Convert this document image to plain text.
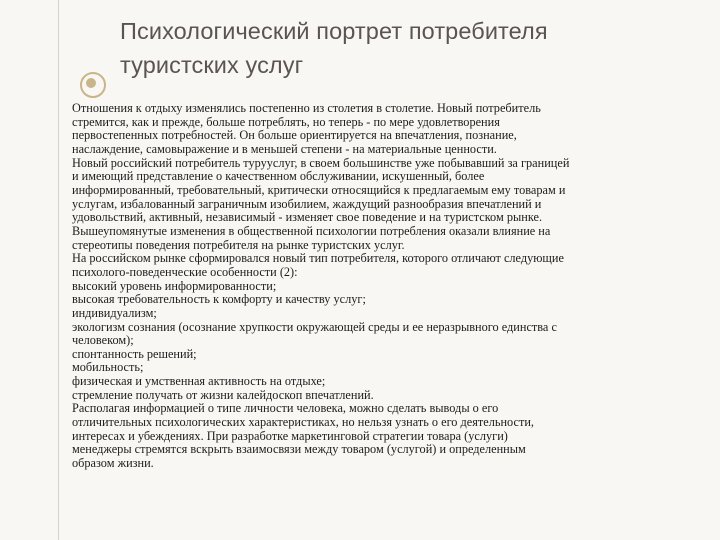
Психологический портрет потребителя
туристских услуг
Отношения к отдыху изменялись постепенно из столетия в столетие. Новый потребитель
стремится, как и прежде, больше потреблять, но теперь - по мере удовлетворения
первостепенных потребностей. Он больше ориентируется на впечатления, познание,
наслаждение, самовыражение и в меньшей степени - на материальные ценности.
Новый российский потребитель турууслуг, в своем большинстве уже побывавший за границей
и имеющий представление о качественном обслуживании, искушенный, более
информированный, требовательный, критически относящийся к предлагаемым ему товарам и
услугам, избалованный заграничным изобилием, жаждущий разнообразия впечатлений и
удовольствий, активный, независимый - изменяет свое поведение и на туристском рынке.
Вышеупомянутые изменения в общественной психологии потребления оказали влияние на
стереотипы поведения потребителя на рынке туристских услуг.
На российском рынке сформировался новый тип потребителя, которого отличают следующие
психолого-поведенческие особенности (2):
высокий уровень информированности;
высокая требовательность к комфорту и качеству услуг;
индивидуализм;
экологизм сознания (осознание хрупкости окружающей среды и ее неразрывного единства с
человеком);
спонтанность решений;
мобильность;
физическая и умственная активность на отдыхе;
стремление получать от жизни калейдоскоп впечатлений.
Располагая информацией о типе личности человека, можно сделать выводы о его
отличительных психологических характеристиках, но нельзя узнать о его деятельности,
интересах и убеждениях. При разработке маркетинговой стратегии товара (услуги)
менеджеры стремятся вскрыть взаимосвязи между товаром (услугой) и определенным
образом жизни.
